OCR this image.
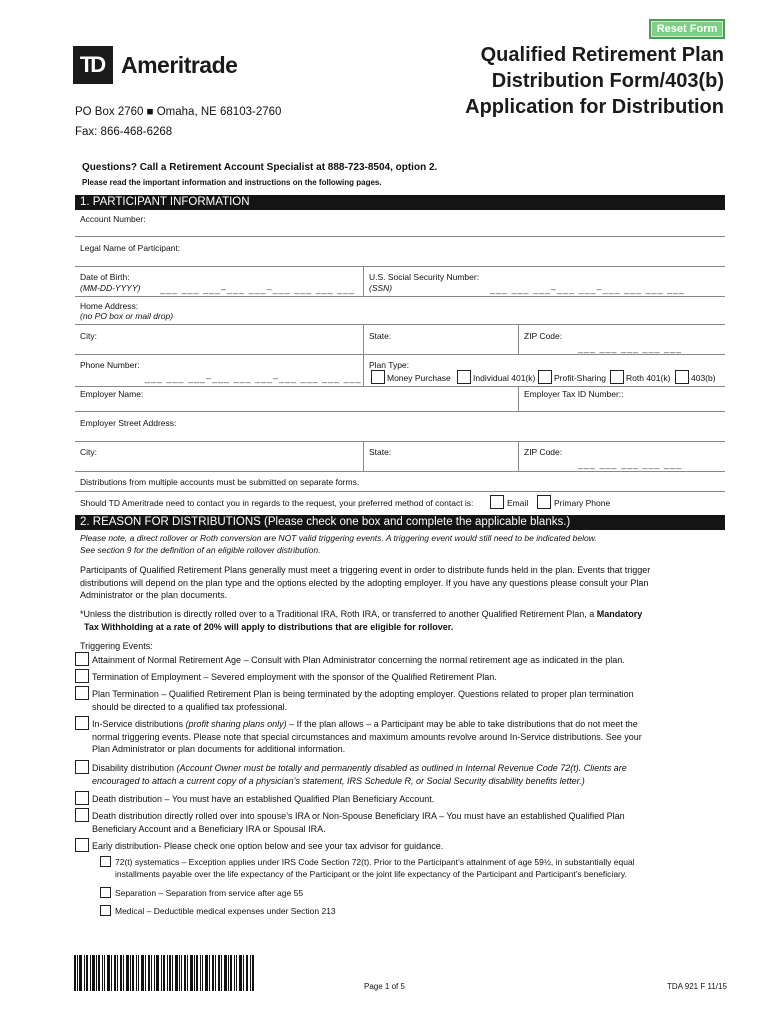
Reset Form
TD Ameritrade	Qualified Retirement Plan
Distribution Form/403(b)
Application for Distribution
PO Box 2760 ■ Omaha, NE 68103-2760
Fax: 866-468-6268
Questions? Call a Retirement Account Specialist at 888-723-8504, option 2.
Please read the important information and instructions on the following pages.
1. PARTICIPANT INFORMATION
Account Number:
Legal Name of Participant:
Date of Birth:
(MM-DD-YYYY) ___ ___ ___–___ ___–___ ___ ___ ___
U.S. Social Security Number:
(SSN)	___ ___ ___–___ ___–___ ___ ___ ___
Home Address:
(no PO box or mail drop)
City:	State:	ZIP Code:
___ ___ ___ ___ ___
Phone Number:
___ ___ ___–___ ___ ___–___ ___ ___ ___
Plan Type:
Money Purchase	Individual 401(k) Profit-Sharing Roth 401(k) 403(b)
Employer Name:	Employer Tax ID Number::
Employer Street Address:
City:	State:	ZIP Code:
___ ___ ___ ___ ___
Distributions from multiple accounts must be submitted on separate forms.
Should TD Ameritrade need to contact you in regards to the request, your preferred method of contact is:	Email	Primary Phone
2. REASON FOR DISTRIBUTIONS (Please check one box and complete the applicable blanks.)
Please note, a direct rollover or Roth conversion are NOT valid triggering events. A triggering event would still need to be indicated below.
See section 9 for the definition of an eligible rollover distribution.
Participants of Qualified Retirement Plans generally must meet a triggering event in order to distribute funds held in the plan. Events that trigger
distributions will depend on the plan type and the options elected by the adopting employer. If you have any questions please consult your Plan
Administrator or the plan documents.
*Unless the distribution is directly rolled over to a Traditional IRA, Roth IRA, or transferred to another Qualified Retirement Plan, a Mandatory
Tax Withholding at a rate of 20% will apply to distributions that are eligible for rollover.
Triggering Events:
Attainment of Normal Retirement Age – Consult with Plan Administrator concerning the normal retirement age as indicated in the plan.
Termination of Employment – Severed employment with the sponsor of the Qualified Retirement Plan.
Plan Termination – Qualified Retirement Plan is being terminated by the adopting employer. Questions related to proper plan termination
should be directed to a qualified tax professional.
In-Service distributions (profit sharing plans only) – If the plan allows – a Participant may be able to take distributions that do not meet the
normal triggering events. Please note that special circumstances and maximum amounts revolve around In-Service distributions. See your
Plan Administrator or plan documents for additional information.
Disability distribution (Account Owner must be totally and permanently disabled as outlined in Internal Revenue Code 72(t). Clients are
encouraged to attach a current copy of a physician’s statement, IRS Schedule R, or Social Security disability benefits letter.)
Death distribution – You must have an established Qualified Plan Beneficiary Account.
Death distribution directly rolled over into spouse’s IRA or Non-Spouse Beneficiary IRA – You must have an established Qualified Plan
Beneficiary Account and a Beneficiary IRA or Spousal IRA.
Early distribution- Please check one option below and see your tax advisor for guidance.
72(t) systematics – Exception applies under IRS Code Section 72(t). Prior to the Participant’s attainment of age 59½, in substantially equal
installments payable over the life expectancy of the Participant or the joint life expectancy of the Participant and Participant’s beneficiary.
Separation – Separation from service after age 55
Medical – Deductible medical expenses under Section 213
Page 1 of 5	TDA 921 F 11/15
